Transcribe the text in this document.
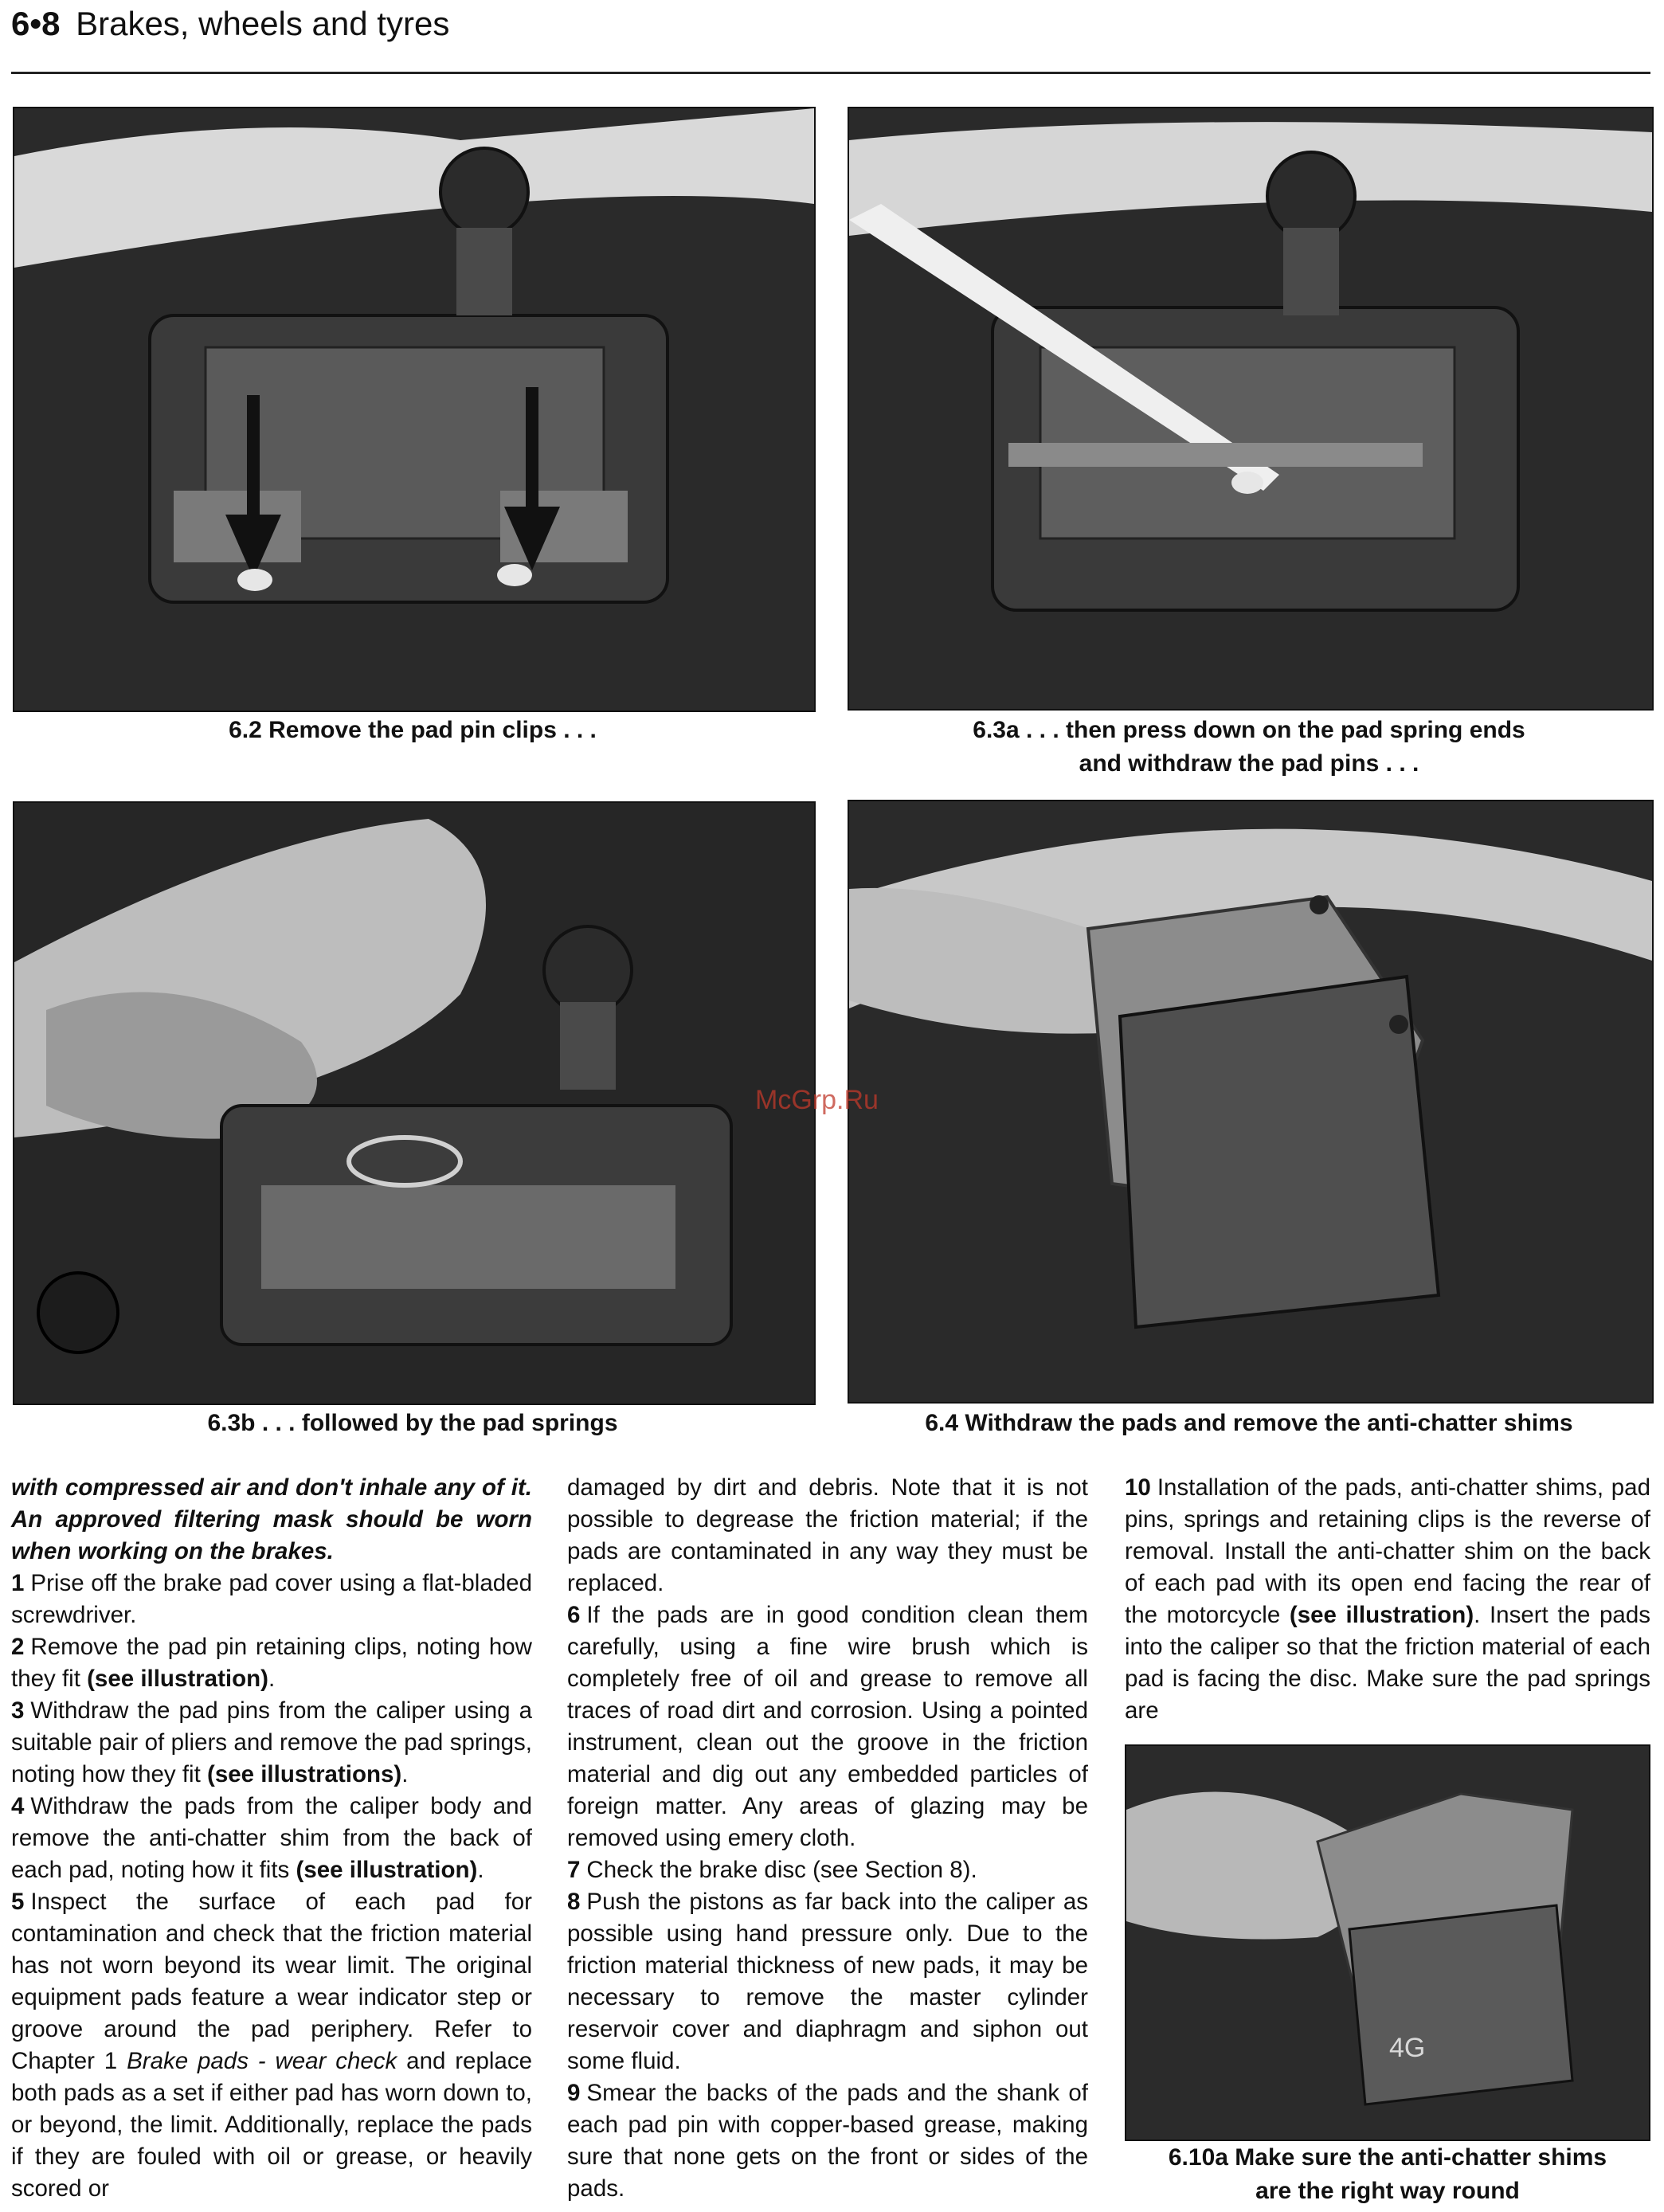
6•8 Brakes, wheels and tyres
6.2 Remove the pad pin clips . . .	6.3a . . . then press down on the pad spring ends
and withdraw the pad pins . . .
6.3b . . . followed by the pad springs	6.4 Withdraw the pads and remove the anti-chatter shims
McGrp.Ru

with compressed air and don't inhale any of it. An approved filtering mask should be worn when working on the brakes.

1 Prise off the brake pad cover using a flat-bladed screwdriver.

2 Remove the pad pin retaining clips, noting how they fit (see illustration).

3 Withdraw the pad pins from the caliper using a suitable pair of pliers and remove the pad springs, noting how they fit (see illustrations).

4 Withdraw the pads from the caliper body and remove the anti-chatter shim from the back of each pad, noting how it fits (see illustration).

5 Inspect the surface of each pad for contamination and check that the friction material has not worn beyond its wear limit. The original equipment pads feature a wear indicator step or groove around the pad periphery. Refer to Chapter 1 Brake pads - wear check and replace both pads as a set if either pad has worn down to, or beyond, the limit. Additionally, replace the pads if they are fouled with oil or grease, or heavily scored or

damaged by dirt and debris. Note that it is not possible to degrease the friction material; if the pads are contaminated in any way they must be replaced.

6 If the pads are in good condition clean them carefully, using a fine wire brush which is completely free of oil and grease to remove all traces of road dirt and corrosion. Using a pointed instrument, clean out the groove in the friction material and dig out any embedded particles of foreign matter. Any areas of glazing may be removed using emery cloth.

7 Check the brake disc (see Section 8).

8 Push the pistons as far back into the caliper as possible using hand pressure only. Due to the friction material thickness of new pads, it may be necessary to remove the master cylinder reservoir cover and diaphragm and siphon out some fluid.

9 Smear the backs of the pads and the shank of each pad pin with copper-based grease, making sure that none gets on the front or sides of the pads.

10 Installation of the pads, anti-chatter shims, pad pins, springs and retaining clips is the reverse of removal. Install the anti-chatter shim on the back of each pad with its open end facing the rear of the motorcycle (see illustration). Insert the pads into the caliper so that the friction material of each pad is facing the disc. Make sure the pad springs are

4G
6.10a Make sure the anti-chatter shims
are the right way round
